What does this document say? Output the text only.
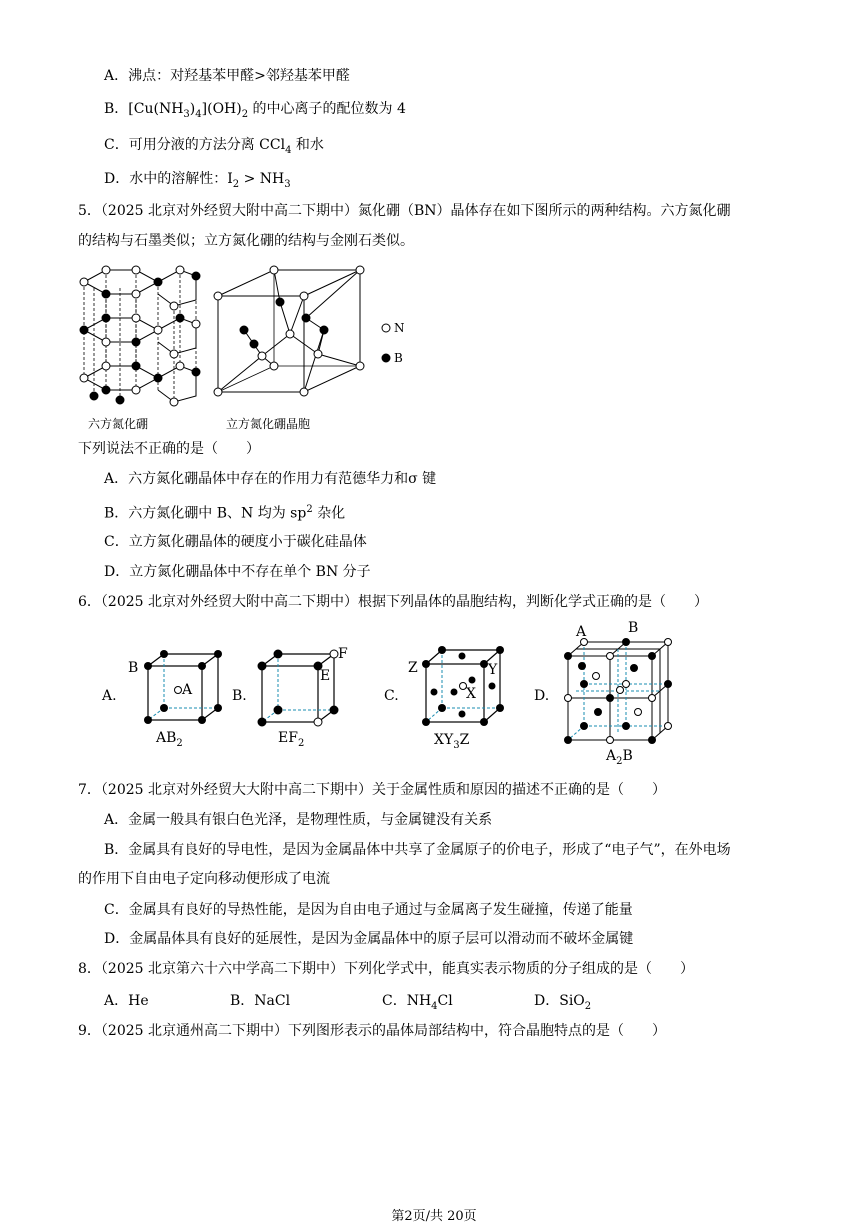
A．沸点：对羟基苯甲醛>邻羟基苯甲醛
B．$[Cu(NH_3)_4](OH)_2$ 的中心离子的配位数为 4
C．可用分液的方法分离 CCl$_4$ 和水
D．水中的溶解性：$I_2 > NH_3$
5．（2025 北京对外经贸大附中高二下期中）氮化硼（BN）晶体存在如下图所示的两种结构。六方氮化硼
的结构与石墨类似；立方氮化硼的结构与金刚石类似。
六方氮化硼	立方氮化硼晶胞
N
B
下列说法不正确的是（　　）
A．六方氮化硼晶体中存在的作用力有范德华力和σ 键
B．六方氮化硼中 B、N 均为 $sp^2$ 杂化
C．立方氮化硼晶体的硬度小于碳化硅晶体
D．立方氮化硼晶体中不存在单个 BN 分子
6．（2025 北京对外经贸大附中高二下期中）根据下列晶体的晶胞结构，判断化学式正确的是（　　）
A.
B
A
$AB_2$
B.
F
E
$EF_2$
C.
Z	Y
X
$XY_3Z$
D.
A	B
$A_2B$
7．（2025 北京对外经贸大大附中高二下期中）关于金属性质和原因的描述不正确的是（　　）
A．金属一般具有银白色光泽，是物理性质，与金属键没有关系
B．金属具有良好的导电性，是因为金属晶体中共享了金属原子的价电子，形成了“电子气”，在外电场
的作用下自由电子定向移动便形成了电流
C．金属具有良好的导热性能，是因为自由电子通过与金属离子发生碰撞，传递了能量
D．金属晶体具有良好的延展性，是因为金属晶体中的原子层可以滑动而不破坏金属键
8．（2025 北京第六十六中学高二下期中）下列化学式中，能真实表示物质的分子组成的是（　　）
A．He	B．NaCl	C．$NH_4Cl$	D．SiO$_2$
9．（2025 北京通州高二下期中）下列图形表示的晶体局部结构中，符合晶胞特点的是（　　）
第2页/共 20页
